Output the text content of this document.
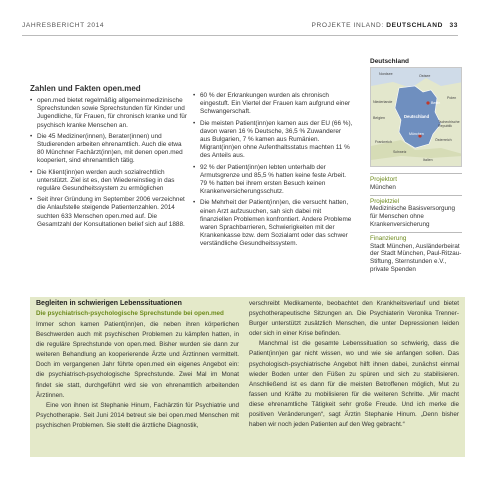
JAHRESBERICHT 2014	PROJEKTE INLAND: DEUTSCHLAND 33
Zahlen und Fakten open.med
• open.med bietet regelmäßig allgemeinmedizinische Sprechstunden sowie Sprechstunden für Kinder und Jugendliche, für Frauen, für chronisch kranke und für psychisch kranke Menschen an.
• Die 45 Mediziner(innen), Berater(innen) und Studierenden arbeiten ehrenamtlich. Auch die etwa 80 Münchner Fachärzt(inn)en, mit denen open.med kooperiert, sind ehrenamtlich tätig.
• Die Klient(inn)en werden auch sozialrechtlich unterstützt. Ziel ist es, den Wiedereinstieg in das reguläre Gesundheitssystem zu ermöglichen
• Seit ihrer Gründung im September 2006 verzeichnet die Anlaufstelle steigende Patientenzahlen. 2014 suchten 633 Menschen open.med auf. Die Gesamtzahl der Konsultationen belief sich auf 1888.
• 60 % der Erkrankungen wurden als chronisch eingestuft. Ein Viertel der Frauen kam aufgrund einer Schwangerschaft.
• Die meisten Patient(inn)en kamen aus der EU (66 %), davon waren 16 % Deutsche, 36,5 % Zuwanderer aus Bulgarien, 7 % kamen aus Rumänien. Migrant(inn)en ohne Aufenthaltsstatus machten 11 % des Anteils aus.
• 92 % der Patient(inn)en lebten unterhalb der Armutsgrenze und 85,5 % hatten keine feste Arbeit. 79 % hatten bei ihrem ersten Besuch keinen Krankenversicherungsschutz.
• Die Mehrheit der Patient(inn)en, die versucht hatten, einen Arzt aufzusuchen, sah sich dabei mit finanziellen Problemen konfrontiert. Andere Probleme waren Sprachbarrieren, Schwierigkeiten mit der Krankenkasse bzw. dem Sozialamt oder das schwer verständliche Gesundheitssystem.
Deutschland
Nordsee	Ostsee
Niederlande	Berlin
Polen
Deutschland
Belgien
Tschechische Republik
München
Österreich
Frankreich
Schweiz
Italien
Projektort
München
Projektziel
Medizinische Basisversorgung für Menschen ohne Krankenversicherung
Finanzierung
Stadt München, Ausländerbeirat der Stadt München, Paul-Ritzau-Stiftung, Sternstunden e.V., private Spenden
Begleiten in schwierigen Lebenssituationen
Die psychiatrisch-psychologische Sprechstunde bei open.med

Immer schon kamen Patient(inn)en, die neben ihren körperlichen Beschwerden auch mit psychischen Problemen zu kämpfen hatten, in die reguläre Sprechstunde von open.med. Bisher wurden sie dann zur weiteren Behandlung an kooperierende Ärzte und Ärztinnen vermittelt. Doch im vergangenen Jahr führte open.med ein eigenes Angebot ein: die psychiatrisch-psychologische Sprechstunde. Zwei Mal im Monat findet sie statt, durchgeführt wird sie von ehrenamtlich arbeitenden Ärztinnen.

Eine von ihnen ist Stephanie Hinum, Fachärztin für Psychiatrie und Psychotherapie. Seit Juni 2014 betreut sie bei open.med Menschen mit psychischen Problemen. Sie stellt die ärztliche Diagnostik,

verschreibt Medikamente, beobachtet den Krankheitsverlauf und bietet psychotherapeutische Sitzungen an. Die Psychiaterin Veronika Trenner-Burger unterstützt zusätzlich Menschen, die unter Depressionen leiden oder sich in einer Krise befinden.

Manchmal ist die gesamte Lebenssituation so schwierig, dass die Patient(inn)en gar nicht wissen, wo und wie sie anfangen sollen. Das psychologisch-psychiatrische Angebot hilft ihnen dabei, zunächst einmal wieder Boden unter den Füßen zu spüren und sich zu stabilisieren. Anschließend ist es dann für die meisten Betroffenen möglich, Mut zu fassen und Kräfte zu mobilisieren für die weiteren Schritte. „Mir macht diese ehrenamtliche Tätigkeit sehr große Freude. Und ich merke die positiven Veränderungen“, sagt Ärztin Stephanie Hinum. „Denn bisher haben wir noch jeden Patienten auf den Weg gebracht.“
